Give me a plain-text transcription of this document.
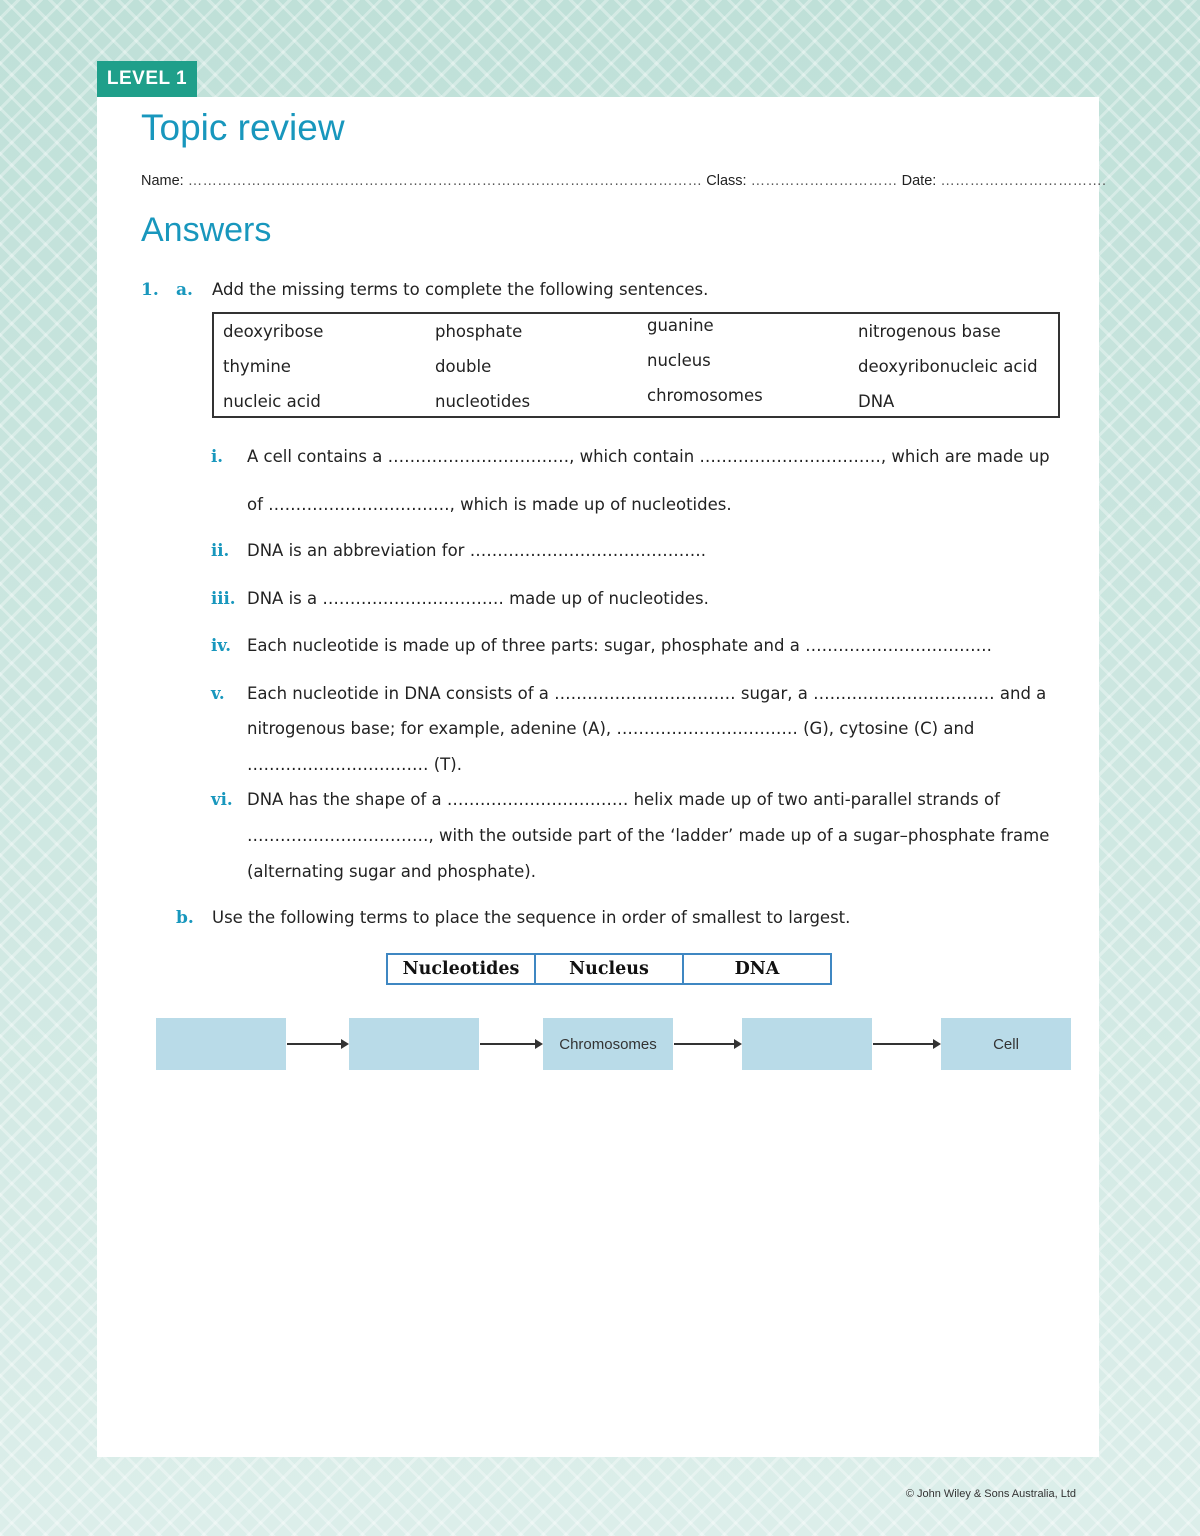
LEVEL 1
Topic review
Name: …………………………………………………………………………………………… Class: ………………………… Date: …………………………….
Answers
1. a. Add the missing terms to complete the following sentences.
deoxyribose	phosphate	guanine	nitrogenous base
thymine	double	nucleus	deoxyribonucleic acid
nucleic acid	nucleotides	chromosomes	DNA
i. A cell contains a ……………………………, which contain ……………………………, which are made up
of ……………………………, which is made up of nucleotides.
ii. DNA is an abbreviation for …………………………………….
iii. DNA is a …………………………… made up of nucleotides.
iv. Each nucleotide is made up of three parts: sugar, phosphate and a …………………………….
v. Each nucleotide in DNA consists of a …………………………… sugar, a …………………………… and a
nitrogenous base; for example, adenine (A), …………………………… (G), cytosine (C) and
…………………………… (T).
vi. DNA has the shape of a …………………………… helix made up of two anti-parallel strands of
……………………………, with the outside part of the ‘ladder’ made up of a sugar–phosphate frame
(alternating sugar and phosphate).
b. Use the following terms to place the sequence in order of smallest to largest.
Nucleotides	Nucleus	DNA
Chromosomes	Cell
© John Wiley & Sons Australia, Ltd
